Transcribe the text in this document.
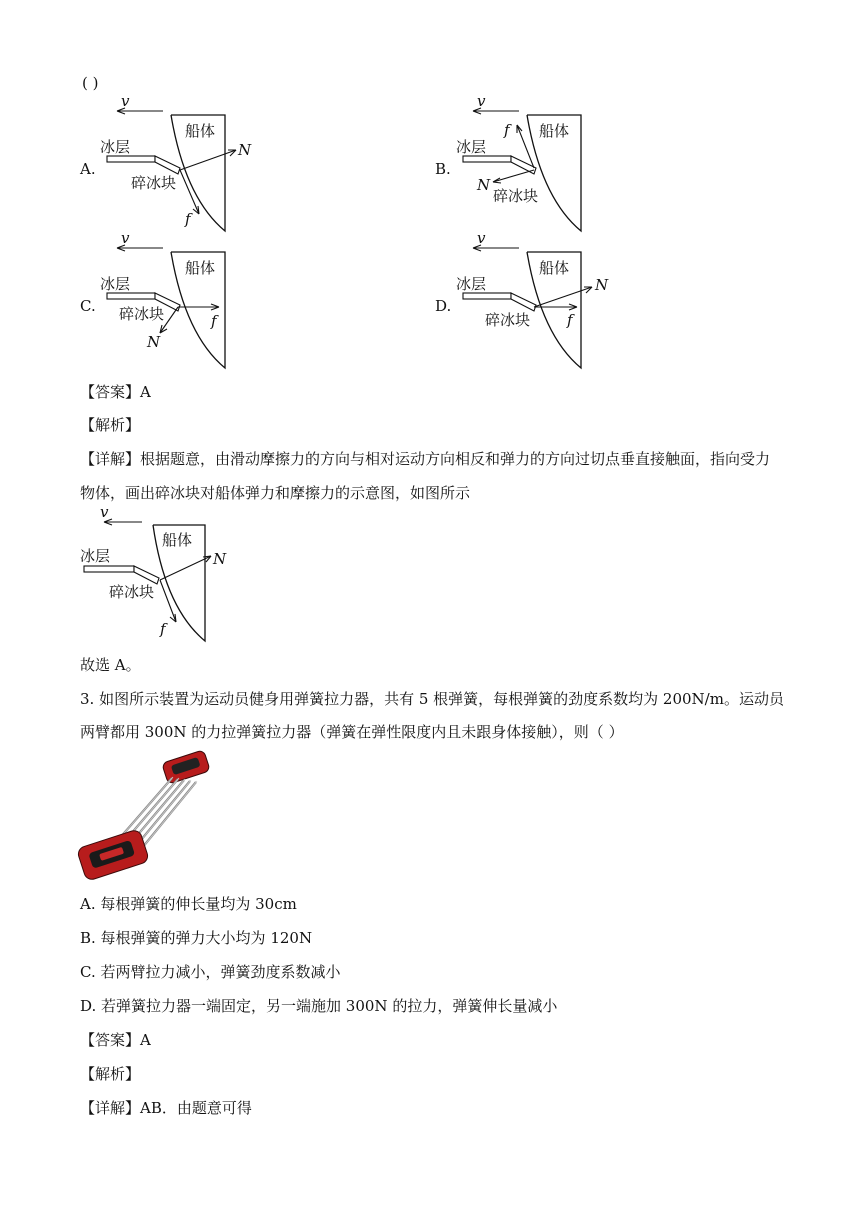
( )
A.
v
船体
冰层
碎冰块
N
f
B.
v
船体
冰层
碎冰块
f
N
C.
v
船体
冰层
碎冰块	f
N
D.
v
船体
冰层
碎冰块
N
f
【答案】A
【解析】
【详解】根据题意，由滑动摩擦力的方向与相对运动方向相反和弹力的方向过切点垂直接触面，指向受力
物体，画出碎冰块对船体弹力和摩擦力的示意图，如图所示
v
船体
冰层
碎冰块
N
f
故选 A。
3. 如图所示装置为运动员健身用弹簧拉力器，共有 5 根弹簧，每根弹簧的劲度系数均为 200N/m。运动员
两臂都用 300N 的力拉弹簧拉力器（弹簧在弹性限度内且未跟身体接触），则（ ）
A. 每根弹簧的伸长量均为 30cm
B. 每根弹簧的弹力大小均为 120N
C. 若两臂拉力减小，弹簧劲度系数减小
D. 若弹簧拉力器一端固定，另一端施加 300N 的拉力，弹簧伸长量减小
【答案】A
【解析】
【详解】AB．由题意可得
